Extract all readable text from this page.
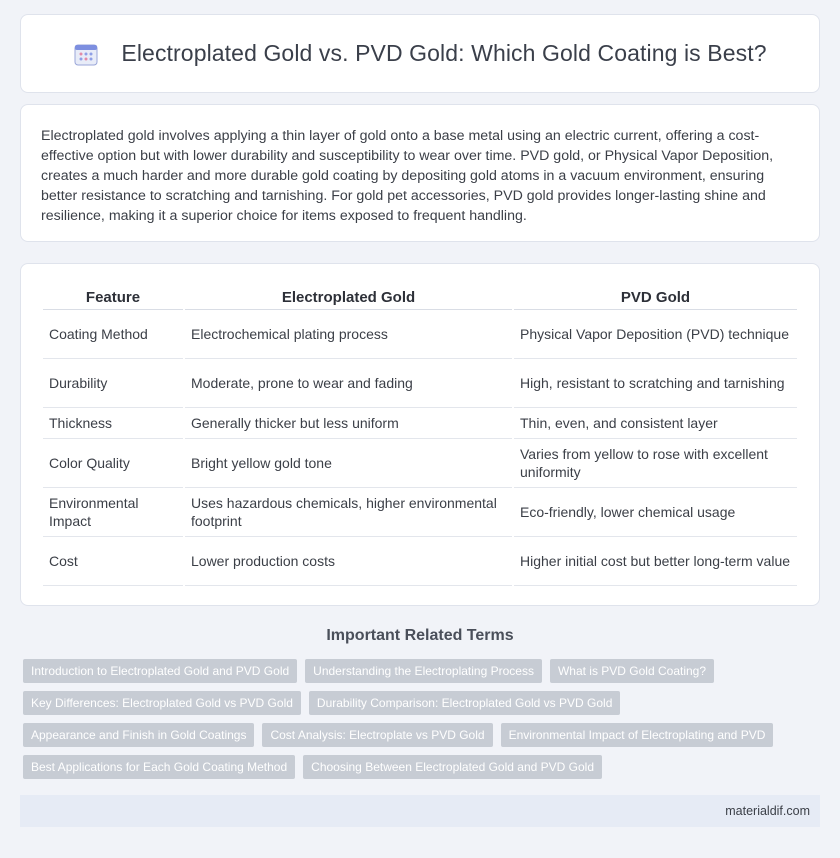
Electroplated Gold vs. PVD Gold: Which Gold Coating is Best?

Electroplated gold involves applying a thin layer of gold onto a base metal using an electric current, offering a cost-effective option but with lower durability and susceptibility to wear over time. PVD gold, or Physical Vapor Deposition, creates a much harder and more durable gold coating by depositing gold atoms in a vacuum environment, ensuring better resistance to scratching and tarnishing. For gold pet accessories, PVD gold provides longer-lasting shine and resilience, making it a superior choice for items exposed to frequent handling.

Feature	Electroplated Gold	PVD Gold
Coating Method	Electrochemical plating process	Physical Vapor Deposition (PVD) technique
Durability	Moderate, prone to wear and fading	High, resistant to scratching and tarnishing
Thickness	Generally thicker but less uniform	Thin, even, and consistent layer
Color Quality	Bright yellow gold tone	Varies from yellow to rose with excellent uniformity
Environmental Impact	Uses hazardous chemicals, higher environmental footprint	Eco-friendly, lower chemical usage
Cost	Lower production costs	Higher initial cost but better long-term value
Important Related Terms
Introduction to Electroplated Gold and PVD Gold	Understanding the Electroplating Process	What is PVD Gold Coating?
Key Differences: Electroplated Gold vs PVD Gold	Durability Comparison: Electroplated Gold vs PVD Gold
Appearance and Finish in Gold Coatings	Cost Analysis: Electroplate vs PVD Gold	Environmental Impact of Electroplating and PVD
Best Applications for Each Gold Coating Method	Choosing Between Electroplated Gold and PVD Gold
materialdif.com
